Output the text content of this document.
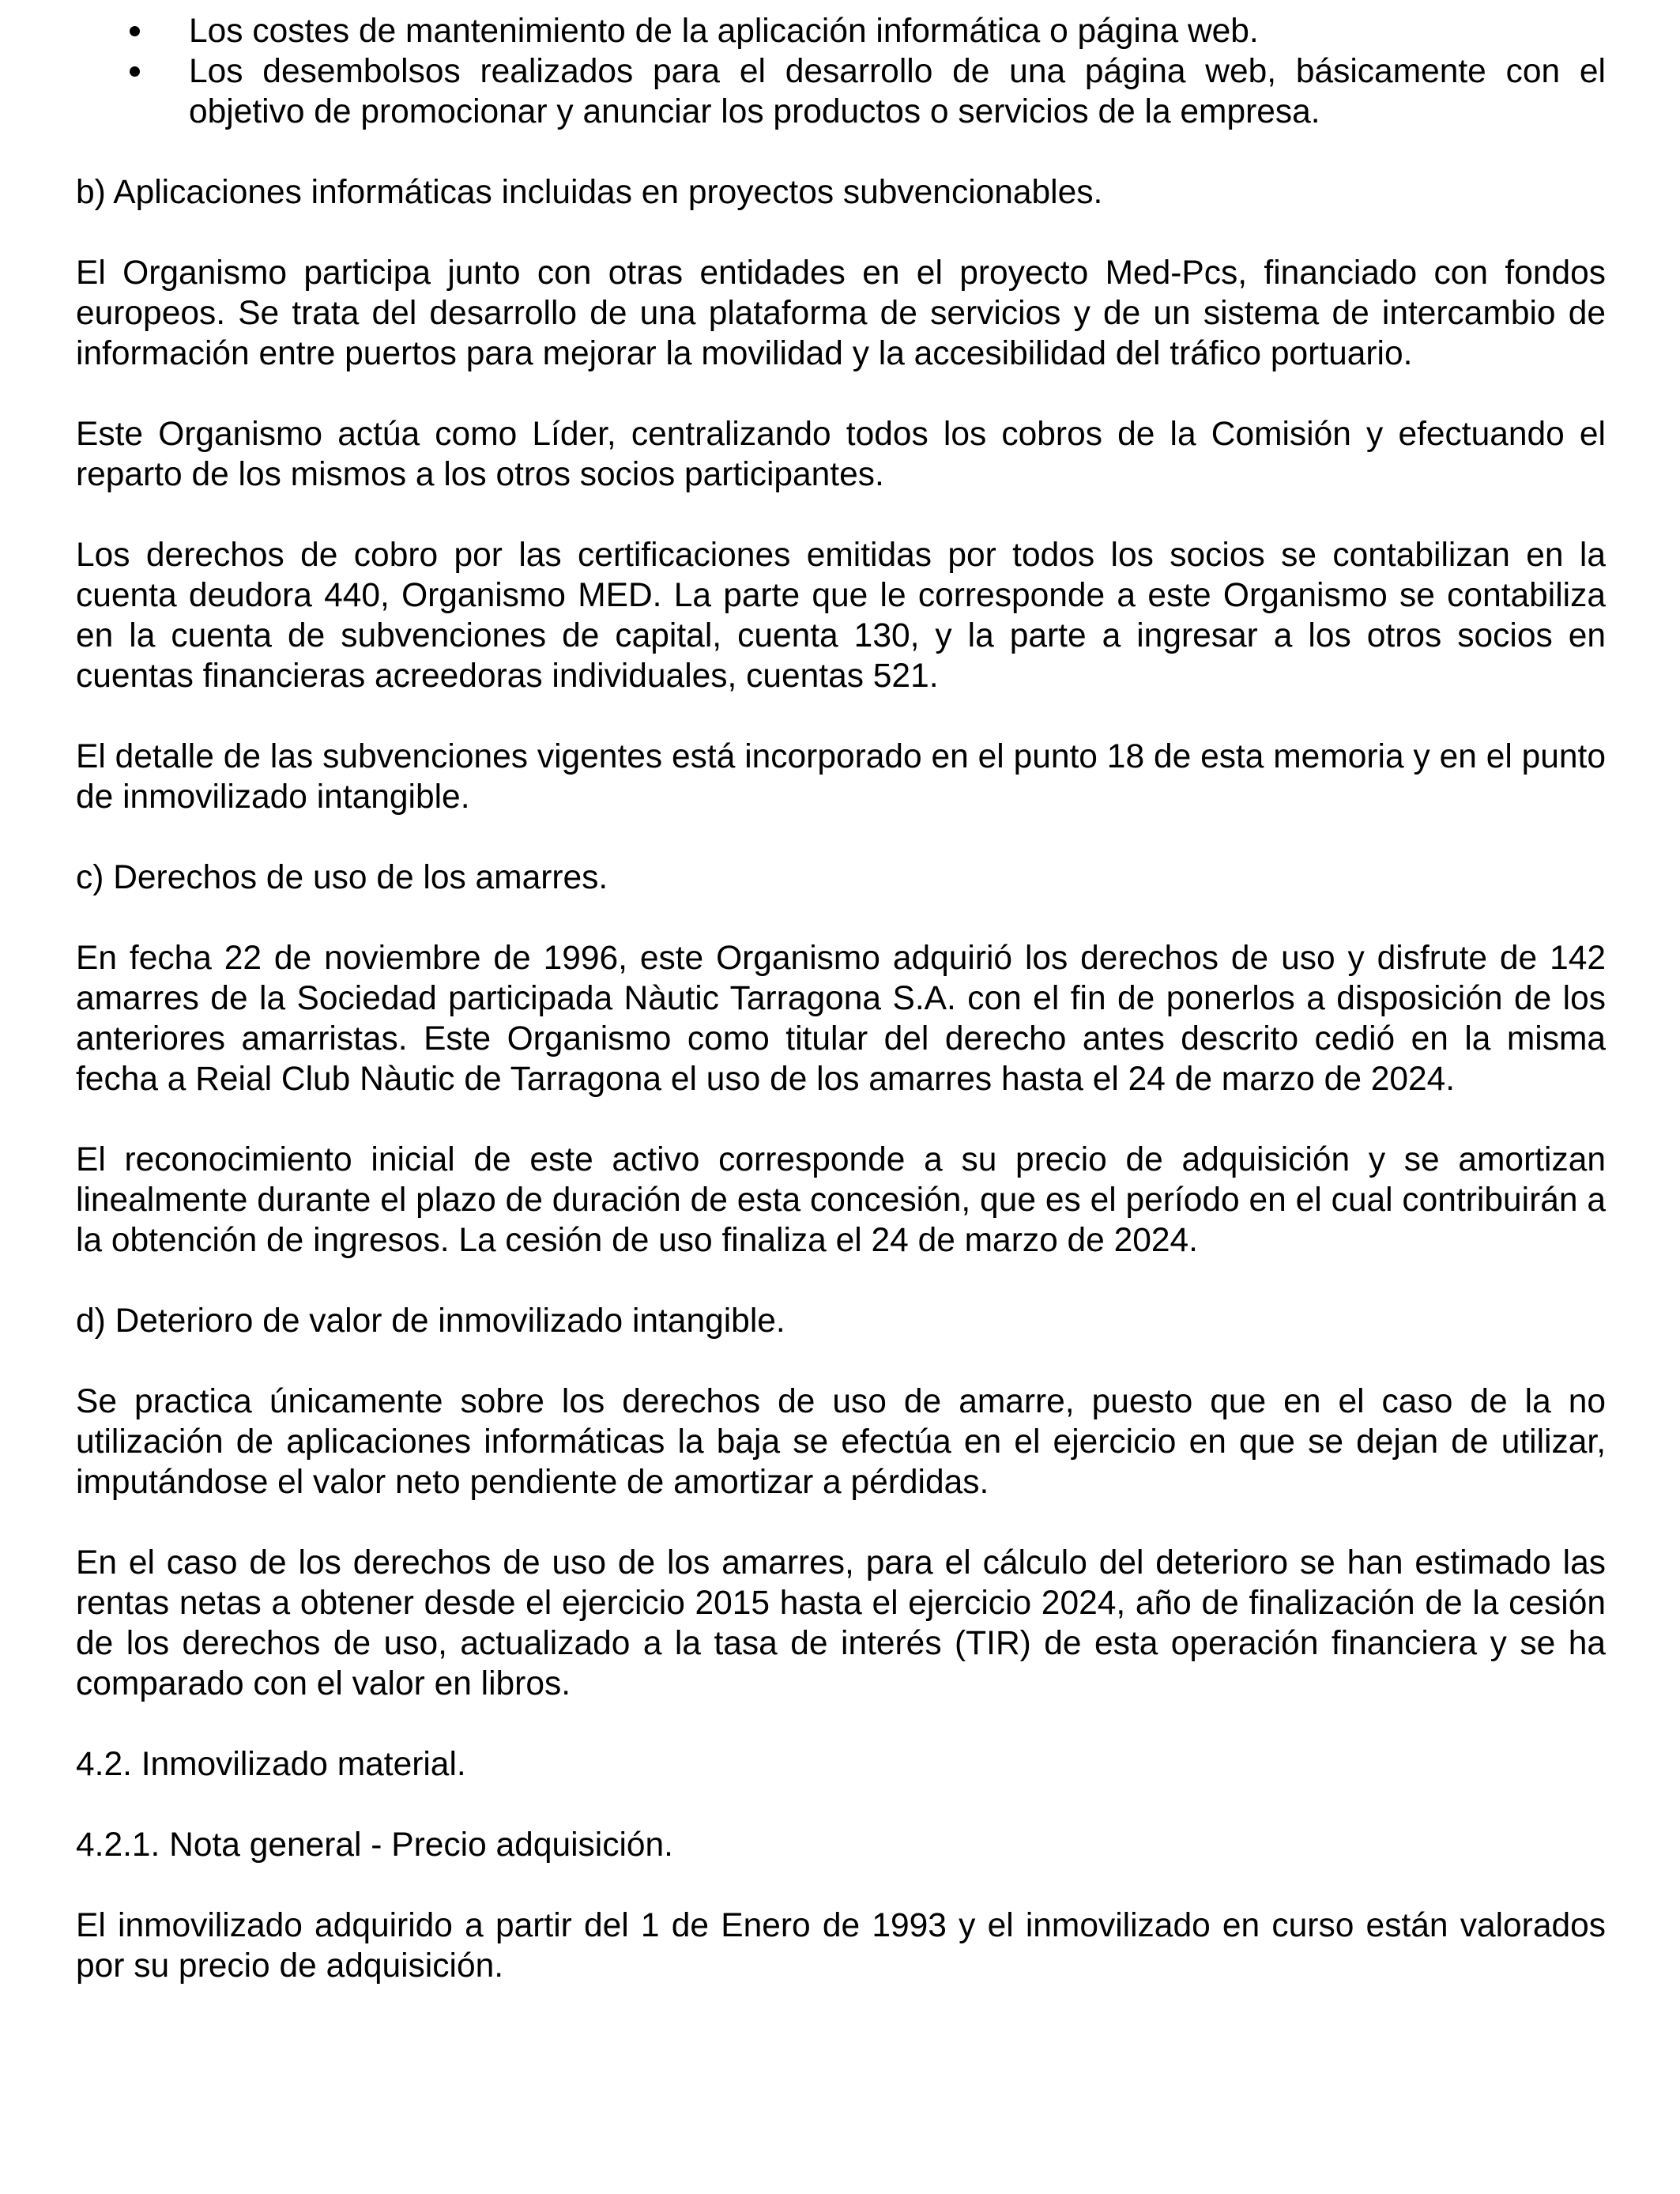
Los costes de mantenimiento de la aplicación informática o página web.
Los desembolsos realizados para el desarrollo de una página web, básicamente con el objetivo de promocionar y anunciar los productos o servicios de la empresa.

b) Aplicaciones informáticas incluidas en proyectos subvencionables.

El Organismo participa junto con otras entidades en el proyecto Med-Pcs, financiado con fondos europeos. Se trata del desarrollo de una plataforma de servicios y de un sistema de intercambio de información entre puertos para mejorar la movilidad y la accesibilidad del tráfico portuario.

Este Organismo actúa como Líder, centralizando todos los cobros de la Comisión y efectuando el reparto de los mismos a los otros socios participantes.

Los derechos de cobro por las certificaciones emitidas por todos los socios se contabilizan en la cuenta deudora 440, Organismo MED. La parte que le corresponde a este Organismo se contabiliza en la cuenta de subvenciones de capital, cuenta 130, y la parte a ingresar a los otros socios en cuentas financieras acreedoras individuales, cuentas 521.

El detalle de las subvenciones vigentes está incorporado en el punto 18 de esta memoria y en el punto de inmovilizado intangible.

c) Derechos de uso de los amarres.

En fecha 22 de noviembre de 1996, este Organismo adquirió los derechos de uso y disfrute de 142 amarres de la Sociedad participada Nàutic Tarragona S.A. con el fin de ponerlos a disposición de los anteriores amarristas. Este Organismo como titular del derecho antes descrito cedió en la misma fecha a Reial Club Nàutic de Tarragona el uso de los amarres hasta el 24 de marzo de 2024.

El reconocimiento inicial de este activo corresponde a su precio de adquisición y se amortizan linealmente durante el plazo de duración de esta concesión, que es el período en el cual contribuirán a la obtención de ingresos. La cesión de uso finaliza el 24 de marzo de 2024.

d) Deterioro de valor de inmovilizado intangible.

Se practica únicamente sobre los derechos de uso de amarre, puesto que en el caso de la no utilización de aplicaciones informáticas la baja se efectúa en el ejercicio en que se dejan de utilizar, imputándose el valor neto pendiente de amortizar a pérdidas.

En el caso de los derechos de uso de los amarres, para el cálculo del deterioro se han estimado las rentas netas a obtener desde el ejercicio 2015 hasta el ejercicio 2024, año de finalización de la cesión de los derechos de uso, actualizado a la tasa de interés (TIR) de esta operación financiera y se ha comparado con el valor en libros.

4.2. Inmovilizado material.

4.2.1. Nota general - Precio adquisición.

El inmovilizado adquirido a partir del 1 de Enero de 1993 y el inmovilizado en curso están valorados por su precio de adquisición.
